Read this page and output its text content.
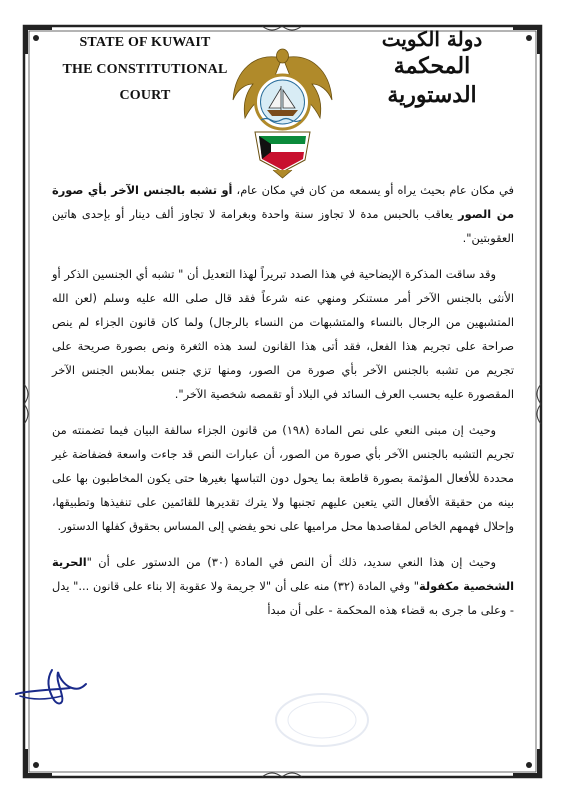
STATE OF KUWAIT
THE CONSTITUTIONAL COURT
دولة الكويت
المحكمة الدستورية

في مكان عام بحيث يراه أو يسمعه من كان في مكان عام، أو تشبه بالجنس الآخر بأي صورة من الصور يعاقب بالحبس مدة لا تجاوز سنة واحدة وبغرامة لا تجاوز ألف دينار أو بإحدى هاتين العقوبتين".

وقد ساقت المذكرة الإيضاحية في هذا الصدد تبريراً لهذا التعديل أن " تشبه أي الجنسين الذكر أو الأنثى بالجنس الآخر أمر مستنكر ومنهي عنه شرعاً فقد قال صلى الله عليه وسلم (لعن الله المتشبهين من الرجال بالنساء والمتشبهات من النساء بالرجال) ولما كان قانون الجزاء لم ينص صراحة على تجريم هذا الفعل، فقد أتى هذا القانون لسد هذه الثغرة ونص بصورة صريحة على تجريم من تشبه بالجنس الآخر بأي صورة من الصور، ومنها تزي جنس بملابس الجنس الآخر المقصورة عليه بحسب العرف السائد في البلاد أو تقمصه شخصية الآخر".

وحيث إن مبنى النعي على نص المادة (١٩٨) من قانون الجزاء سالفة البيان فيما تضمنته من تجريم التشبه بالجنس الآخر بأي صورة من الصور، أن عبارات النص قد جاءت واسعة فضفاضة غير محددة للأفعال المؤثمة بصورة قاطعة بما يحول دون التباسها بغيرها حتى يكون المخاطبون بها على بينه من حقيقة الأفعال التي يتعين عليهم تجنبها ولا يترك تقديرها للقائمين على تنفيذها وتطبيقها، وإحلال فهمهم الخاص لمقاصدها محل مراميها على نحو يفضي إلى المساس بحقوق كفلها الدستور.

وحيث إن هذا النعي سديد، ذلك أن النص في المادة (٣٠) من الدستور على أن "الحرية الشخصية مكفولة" وفي المادة (٣٢) منه على أن "لا جريمة ولا عقوبة إلا بناء على قانون ..." يدل - وعلى ما جرى به قضاء هذه المحكمة - على أن مبدأ
